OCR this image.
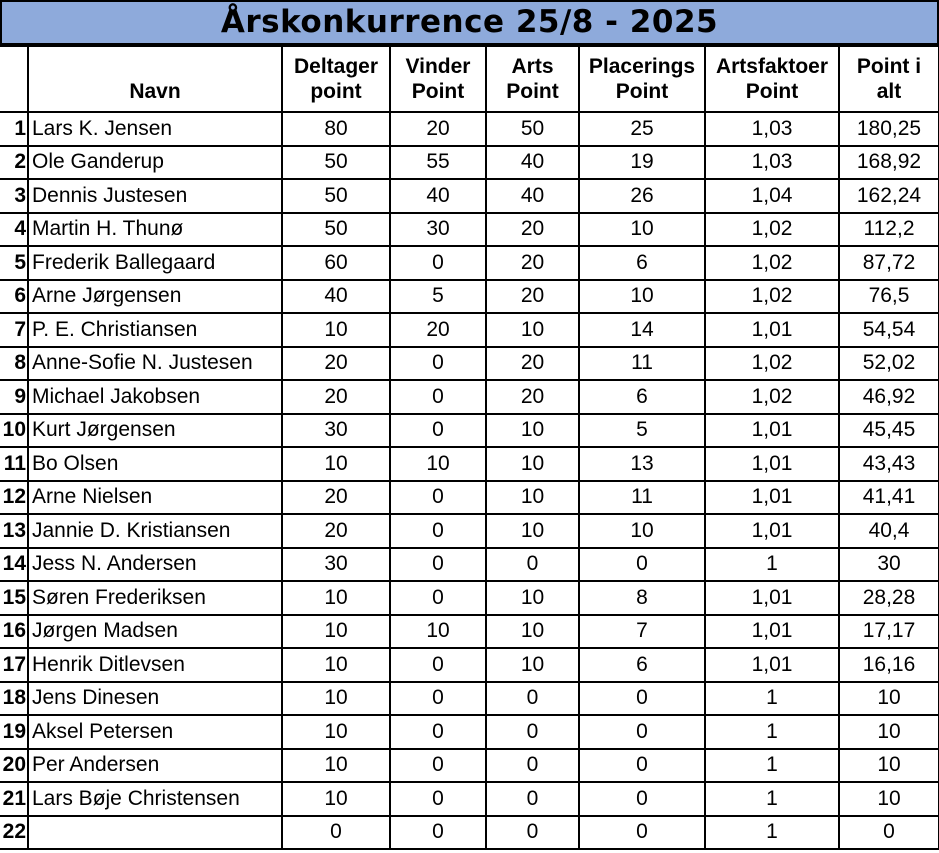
Årskonkurrence 25/8 - 2025
		Deltager	Vinder	Arts	Placerings	Artsfaktoer	Point i
	Navn	point	Point	Point	Point	Point	alt
1	Lars K. Jensen	80	20	50	25	1,03	180,25
2	Ole Ganderup	50	55	40	19	1,03	168,92
3	Dennis Justesen	50	40	40	26	1,04	162,24
4	Martin H. Thunø	50	30	20	10	1,02	112,2
5	Frederik Ballegaard	60	0	20	6	1,02	87,72
6	Arne Jørgensen	40	5	20	10	1,02	76,5
7	P. E. Christiansen	10	20	10	14	1,01	54,54
8	Anne-Sofie N. Justesen	20	0	20	11	1,02	52,02
9	Michael Jakobsen	20	0	20	6	1,02	46,92
10	Kurt Jørgensen	30	0	10	5	1,01	45,45
11	Bo Olsen	10	10	10	13	1,01	43,43
12	Arne Nielsen	20	0	10	11	1,01	41,41
13	Jannie D. Kristiansen	20	0	10	10	1,01	40,4
14	Jess N. Andersen	30	0	0	0	1	30
15	Søren Frederiksen	10	0	10	8	1,01	28,28
16	Jørgen Madsen	10	10	10	7	1,01	17,17
17	Henrik Ditlevsen	10	0	10	6	1,01	16,16
18	Jens Dinesen	10	0	0	0	1	10
19	Aksel Petersen	10	0	0	0	1	10
20	Per Andersen	10	0	0	0	1	10
21	Lars Bøje Christensen	10	0	0	0	1	10
22		0	0	0	0	1	0
